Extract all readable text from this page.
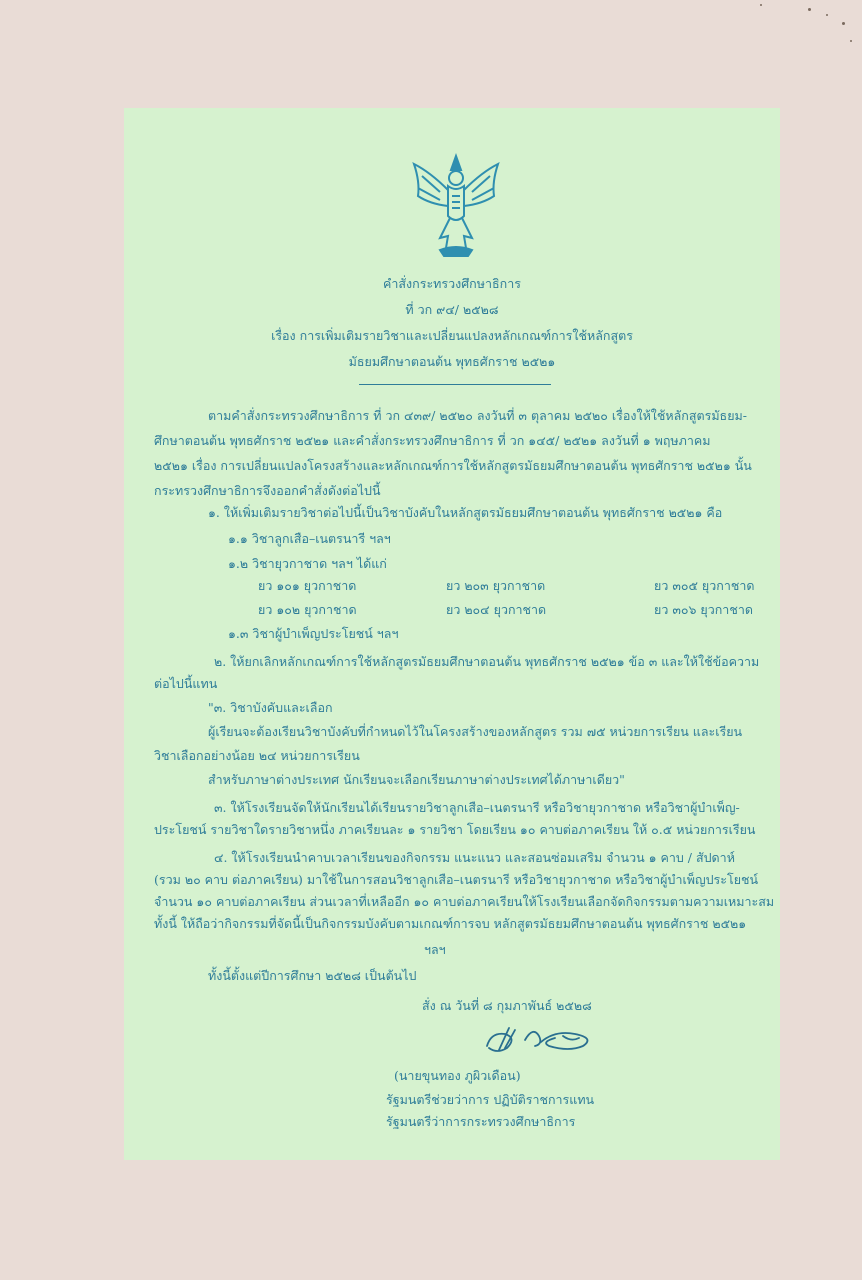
คำสั่งกระทรวงศึกษาธิการ
ที่ วก ๙๔/ ๒๕๒๘
เรื่อง การเพิ่มเติมรายวิชาและเปลี่ยนแปลงหลักเกณฑ์การใช้หลักสูตร
มัธยมศึกษาตอนต้น พุทธศักราช ๒๕๒๑
ตามคำสั่งกระทรวงศึกษาธิการ ที่ วก ๔๓๙/ ๒๕๒๐ ลงวันที่ ๓ ตุลาคม ๒๕๒๐ เรื่องให้ใช้หลักสูตรมัธยม-
ศึกษาตอนต้น พุทธศักราช ๒๕๒๑ และคำสั่งกระทรวงศึกษาธิการ ที่ วก ๑๔๕/ ๒๕๒๑ ลงวันที่ ๑ พฤษภาคม
๒๕๒๑ เรื่อง การเปลี่ยนแปลงโครงสร้างและหลักเกณฑ์การใช้หลักสูตรมัธยมศึกษาตอนต้น พุทธศักราช ๒๕๒๑ นั้น
กระทรวงศึกษาธิการจึงออกคำสั่งดังต่อไปนี้
๑. ให้เพิ่มเติมรายวิชาต่อไปนี้เป็นวิชาบังคับในหลักสูตรมัธยมศึกษาตอนต้น พุทธศักราช ๒๕๒๑ คือ
๑.๑ วิชาลูกเสือ–เนตรนารี ฯลฯ
๑.๒ วิชายุวกาชาด ฯลฯ ได้แก่
ยว ๑๐๑ ยุวกาชาด	ยว ๒๐๓ ยุวกาชาด	ยว ๓๐๕ ยุวกาชาด
ยว ๑๐๒ ยุวกาชาด	ยว ๒๐๔ ยุวกาชาด	ยว ๓๐๖ ยุวกาชาด
๑.๓ วิชาผู้บำเพ็ญประโยชน์ ฯลฯ
๒. ให้ยกเลิกหลักเกณฑ์การใช้หลักสูตรมัธยมศึกษาตอนต้น พุทธศักราช ๒๕๒๑ ข้อ ๓ และให้ใช้ข้อความ
ต่อไปนี้แทน
"๓. วิชาบังคับและเลือก
ผู้เรียนจะต้องเรียนวิชาบังคับที่กำหนดไว้ในโครงสร้างของหลักสูตร รวม ๗๕ หน่วยการเรียน และเรียน
วิชาเลือกอย่างน้อย ๒๔ หน่วยการเรียน
สำหรับภาษาต่างประเทศ นักเรียนจะเลือกเรียนภาษาต่างประเทศได้ภาษาเดียว"
๓. ให้โรงเรียนจัดให้นักเรียนได้เรียนรายวิชาลูกเสือ–เนตรนารี หรือวิชายุวกาชาด หรือวิชาผู้บำเพ็ญ-
ประโยชน์ รายวิชาใดรายวิชาหนึ่ง ภาคเรียนละ ๑ รายวิชา โดยเรียน ๑๐ คาบต่อภาคเรียน ให้ ๐.๕ หน่วยการเรียน
๔. ให้โรงเรียนนำคาบเวลาเรียนของกิจกรรม แนะแนว และสอนซ่อมเสริม จำนวน ๑ คาบ / สัปดาห์
(รวม ๒๐ คาบ ต่อภาคเรียน) มาใช้ในการสอนวิชาลูกเสือ–เนตรนารี หรือวิชายุวกาชาด หรือวิชาผู้บำเพ็ญประโยชน์
จำนวน ๑๐ คาบต่อภาคเรียน ส่วนเวลาที่เหลืออีก ๑๐ คาบต่อภาคเรียนให้โรงเรียนเลือกจัดกิจกรรมตามความเหมาะสม
ทั้งนี้ ให้ถือว่ากิจกรรมที่จัดนี้เป็นกิจกรรมบังคับตามเกณฑ์การจบ หลักสูตรมัธยมศึกษาตอนต้น พุทธศักราช ๒๕๒๑
ฯลฯ
ทั้งนี้ตั้งแต่ปีการศึกษา ๒๕๒๘ เป็นต้นไป
สั่ง ณ วันที่ ๘ กุมภาพันธ์ ๒๕๒๘
(นายขุนทอง ภูผิวเดือน)
รัฐมนตรีช่วยว่าการ ปฏิบัติราชการแทน
รัฐมนตรีว่าการกระทรวงศึกษาธิการ
